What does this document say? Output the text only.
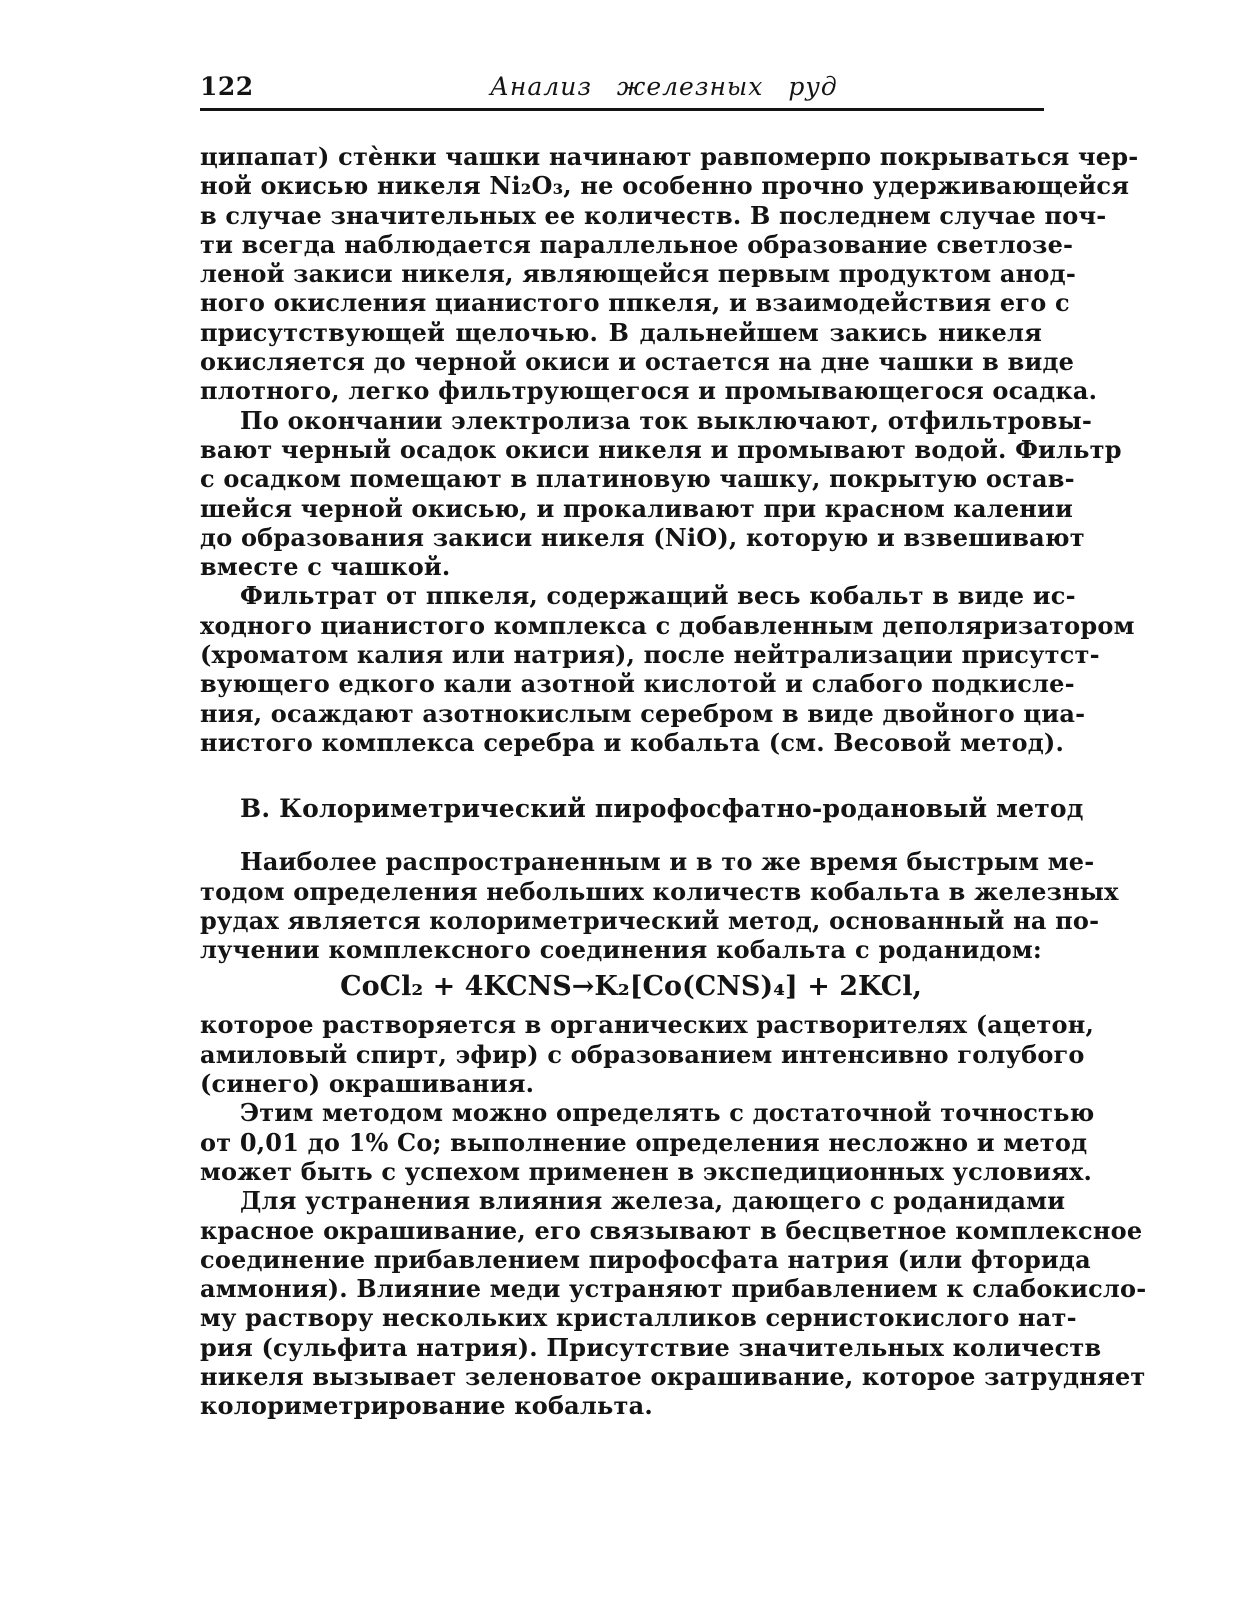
122	Анализ железных руд
ципапат) стѐнки чашки начинают равпомерпо покрываться чер-
ной окисью никеля Ni₂O₃, не особенно прочно удерживающейся
в случае значительных ее количеств. В последнем случае поч-
ти всегда наблюдается параллельное образование светлозе-
леной закиси никеля, являющейся первым продуктом анод-
ного окисления цианистого ппкеля, и взаимодействия его с
присутствующей щелочью. В дальнейшем закись никеля
окисляется до черной окиси и остается на дне чашки в виде
плотного, легко фильтрующегося и промывающегося осадка.
По окончании электролиза ток выключают, отфильтровы-
вают черный осадок окиси никеля и промывают водой. Фильтр
с осадком помещают в платиновую чашку, покрытую остав-
шейся черной окисью, и прокаливают при красном калении
до образования закиси никеля (NiO), которую и взвешивают
вместе с чашкой.
Фильтрат от ппкеля, содержащий весь кобальт в виде ис-
ходного цианистого комплекса с добавленным деполяризатором
(хроматом калия или натрия), после нейтрализации присутст-
вующего едкого кали азотной кислотой и слабого подкисле-
ния, осаждают азотнокислым серебром в виде двойного циа-
нистого комплекса серебра и кобальта (см. Весовой метод).
В. Колориметрический пирофосфатно-родановый метод
Наиболее распространенным и в то же время быстрым ме-
тодом определения небольших количеств кобальта в железных
рудах является колориметрический метод, основанный на по-
лучении комплексного соединения кобальта с роданидом:
CoCl₂ + 4KCNS→K₂[Co(CNS)₄] + 2KCl,
которое растворяется в органических растворителях (ацетон,
амиловый спирт, эфир) с образованием интенсивно голубого
(синего) окрашивания.
Этим методом можно определять с достаточной точностью
от 0,01 до 1% Со; выполнение определения несложно и метод
может быть с успехом применен в экспедиционных условиях.
Для устранения влияния железа, дающего с роданидами
красное окрашивание, его связывают в бесцветное комплексное
соединение прибавлением пирофосфата натрия (или фторида
аммония). Влияние меди устраняют прибавлением к слабокисло-
му раствору нескольких кристалликов сернистокислого нат-
рия (сульфита натрия). Присутствие значительных количеств
никеля вызывает зеленоватое окрашивание, которое затрудняет
колориметрирование кобальта.
